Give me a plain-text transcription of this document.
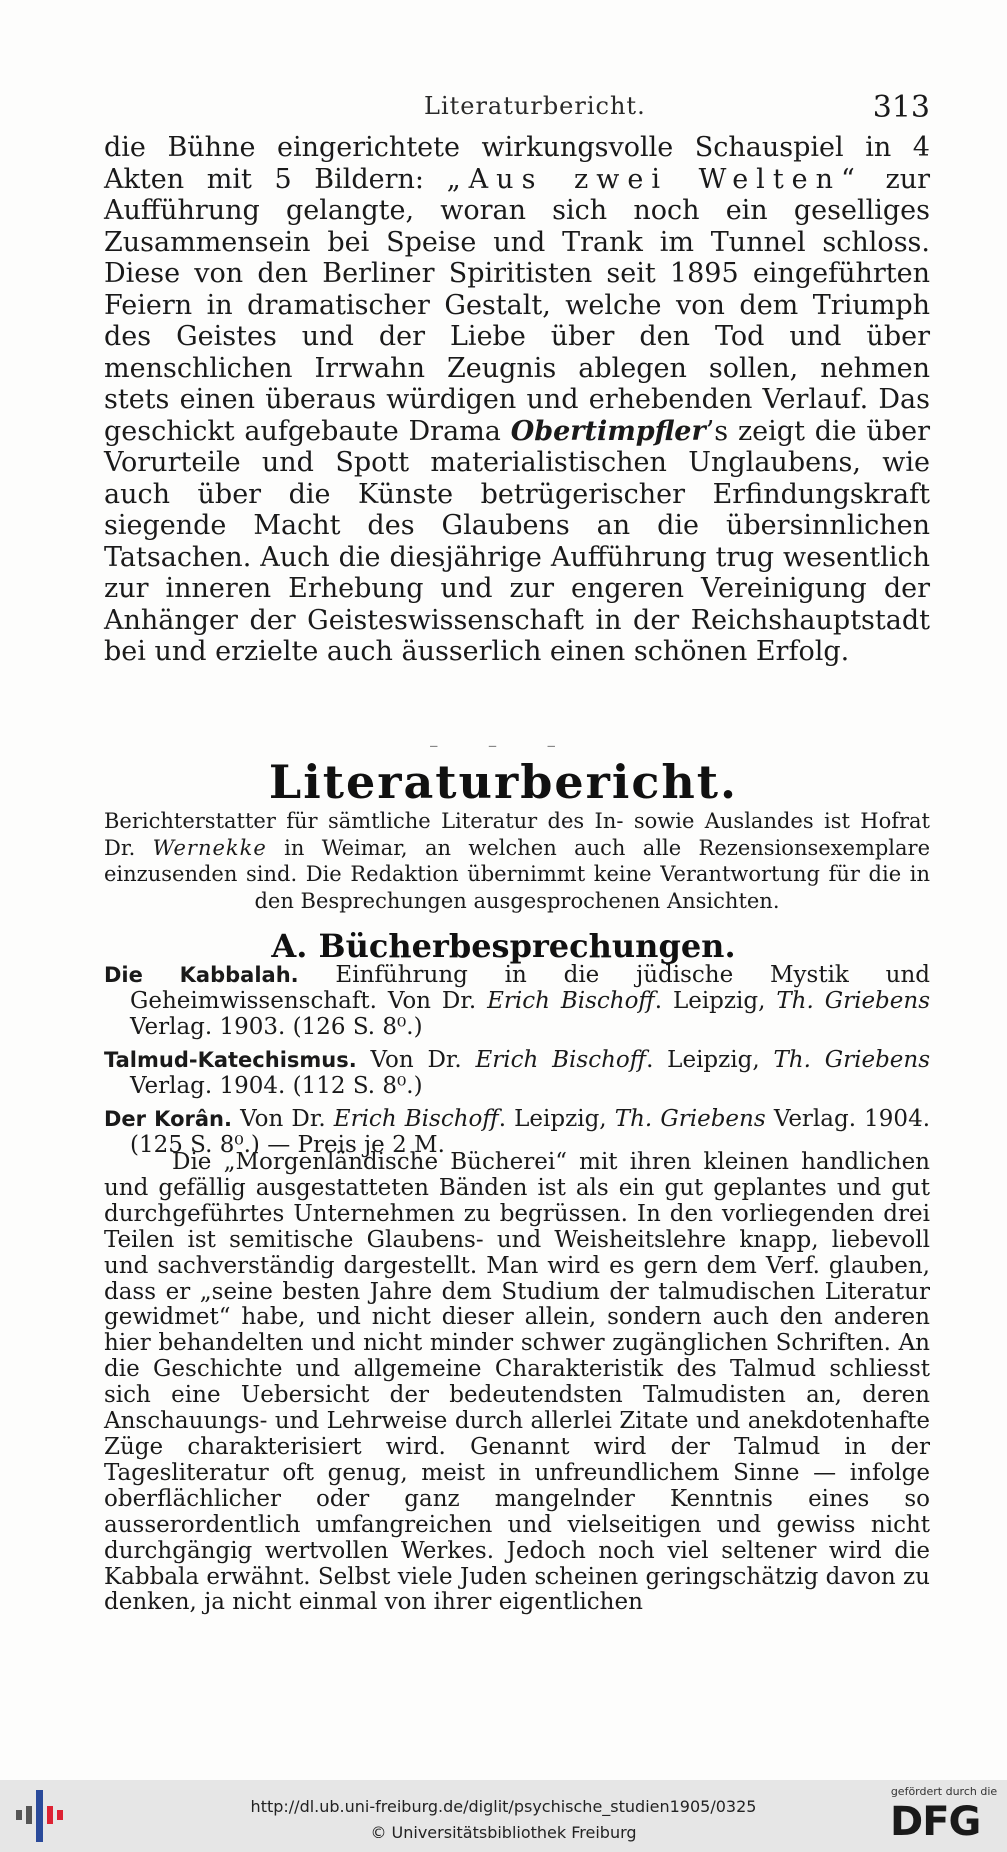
Literaturbericht.	313

die Bühne eingerichtete wirkungsvolle Schauspiel in 4 Akten mit 5 Bildern: „Aus zwei Welten“ zur Aufführung gelangte, woran sich noch ein geselliges Zusammensein bei Speise und Trank im Tunnel schloss. Diese von den Berliner Spiritisten seit 1895 eingeführten Feiern in dramatischer Gestalt, welche von dem Triumph des Geistes und der Liebe über den Tod und über menschlichen Irrwahn Zeugnis ablegen sollen, nehmen stets einen überaus würdigen und erhebenden Verlauf. Das geschickt aufgebaute Drama Obertimpfler’s zeigt die über Vorurteile und Spott materialistischen Unglaubens, wie auch über die Künste betrügerischer Erfindungskraft siegende Macht des Glaubens an die übersinnlichen Tatsachen. Auch die diesjährige Aufführung trug wesentlich zur inneren Erhebung und zur engeren Vereinigung der Anhänger der Geisteswissenschaft in der Reichshauptstadt bei und erzielte auch äusserlich einen schönen Erfolg.

– – –
Literaturbericht.
Berichterstatter für sämtliche Literatur des In- sowie Auslandes ist Hofrat Dr. Wernekke in Weimar, an welchen auch alle Rezensionsexemplare einzusenden sind. Die Redaktion übernimmt keine Verantwortung für die in den Besprechungen ausgesprochenen Ansichten.
A. Bücherbesprechungen.

Die Kabbalah. Einführung in die jüdische Mystik und Geheimwissenschaft. Von Dr. Erich Bischoff. Leipzig, Th. Griebens Verlag. 1903. (126 S. 8⁰.)

Talmud-Katechismus. Von Dr. Erich Bischoff. Leipzig, Th. Griebens Verlag. 1904. (112 S. 8⁰.)

Der Korân. Von Dr. Erich Bischoff. Leipzig, Th. Griebens Verlag. 1904. (125 S. 8⁰.) — Preis je 2 M.

Die „Morgenländische Bücherei“ mit ihren kleinen handlichen und gefällig ausgestatteten Bänden ist als ein gut geplantes und gut durchgeführtes Unternehmen zu begrüssen. In den vorliegenden drei Teilen ist semitische Glaubens- und Weisheitslehre knapp, liebevoll und sachverständig dargestellt. Man wird es gern dem Verf. glauben, dass er „seine besten Jahre dem Studium der talmudischen Literatur gewidmet“ habe, und nicht dieser allein, sondern auch den anderen hier behandelten und nicht minder schwer zugänglichen Schriften. An die Geschichte und allgemeine Charakteristik des Talmud schliesst sich eine Uebersicht der bedeutendsten Talmudisten an, deren Anschauungs- und Lehrweise durch allerlei Zitate und anekdotenhafte Züge charakterisiert wird. Genannt wird der Talmud in der Tagesliteratur oft genug, meist in unfreundlichem Sinne — infolge oberflächlicher oder ganz mangelnder Kenntnis eines so ausserordentlich umfangreichen und vielseitigen und gewiss nicht durchgängig wertvollen Werkes. Jedoch noch viel seltener wird die Kabbala erwähnt. Selbst viele Juden scheinen geringschätzig davon zu denken, ja nicht einmal von ihrer eigentlichen

http://dl.ub.uni-freiburg.de/diglit/psychische_studien1905/0325
© Universitätsbibliothek Freiburg
gefördert durch die
DFG
